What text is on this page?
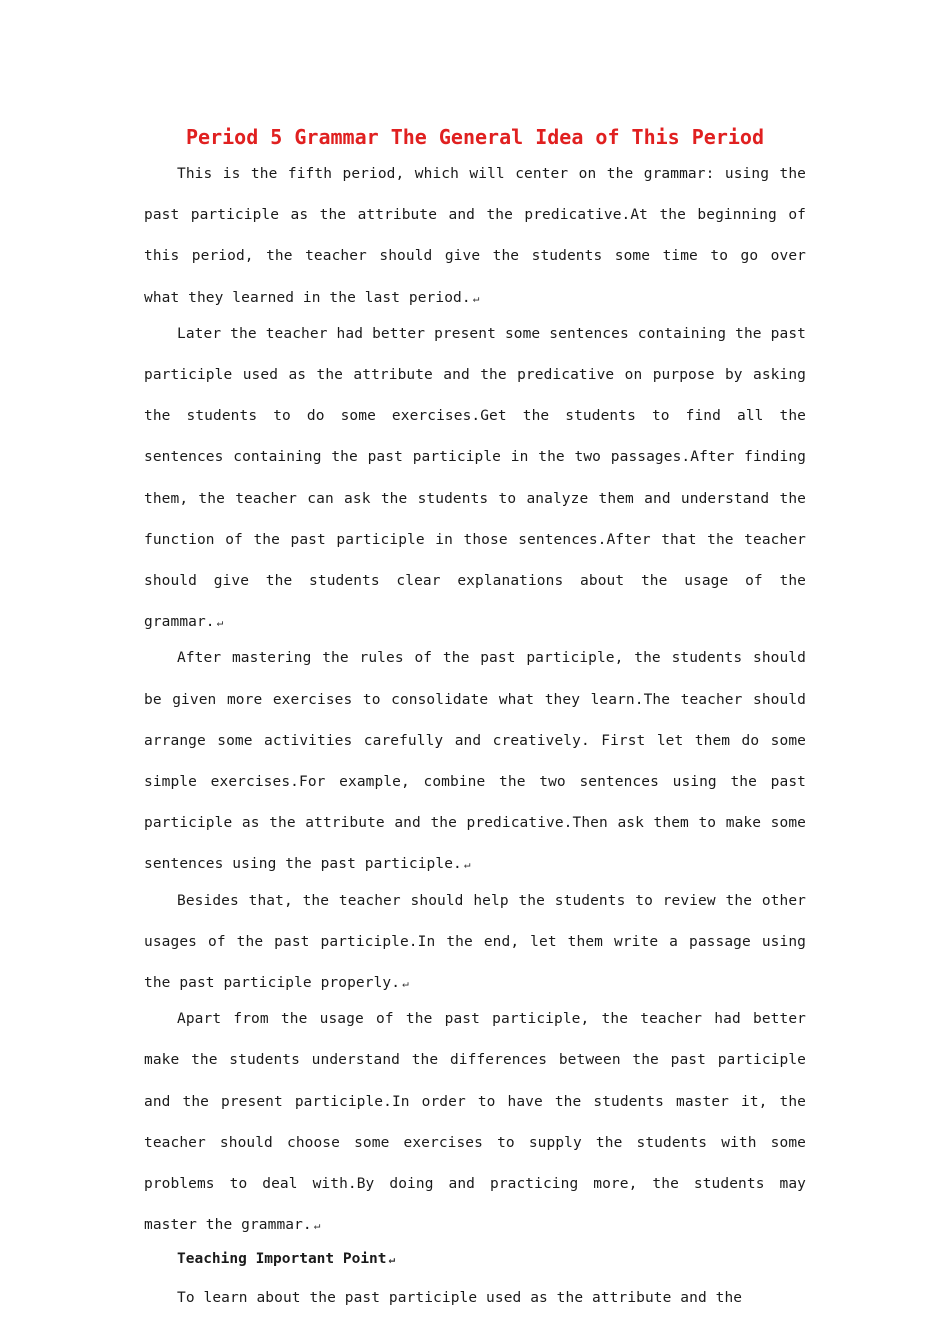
Period 5 Grammar The General Idea of This Period

This is the fifth period, which will center on the grammar: using the past participle as the attribute and the predicative.At the beginning of this period, the teacher should give the students some time to go over what they learned in the last period. ↵

Later the teacher had better present some sentences containing the past participle used as the attribute and the predicative on purpose by asking the students to do some exercises.Get the students to find all the sentences containing the past participle in the two passages.After finding them, the teacher can ask the students to analyze them and understand the function of the past participle in those sentences.After that the teacher should give the students clear explanations about the usage of the grammar. ↵

After mastering the rules of the past participle, the students should be given more exercises to consolidate what they learn.The teacher should arrange some activities carefully and creatively. First let them do some simple exercises.For example, combine the two sentences using the past participle as the attribute and the predicative.Then ask them to make some sentences using the past participle. ↵

Besides that, the teacher should help the students to review the other usages of the past participle.In the end, let them write a passage using the past participle properly. ↵

Apart from the usage of the past participle, the teacher had better make the students understand the differences between the past participle and the present participle.In order to have the students master it, the teacher should choose some exercises to supply the students with some problems to deal with.By doing and practicing more, the students may master the grammar. ↵

Teaching Important Point ↵

To learn about the past participle used as the attribute and the
